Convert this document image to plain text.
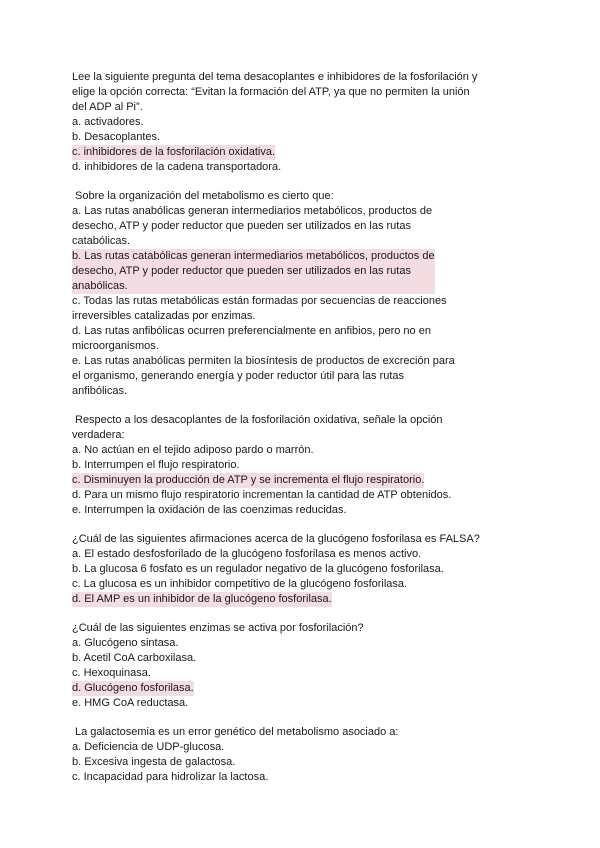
Lee la siguiente pregunta del tema desacoplantes e inhibidores de la fosforilación y

elige la opción correcta: “Evitan la formación del ATP, ya que no permiten la unión

del ADP al Pi”.

a. activadores.

b. Desacoplantes.

c. inhibidores de la fosforilación oxidativa.

d. inhibidores de la cadena transportadora.

Sobre la organización del metabolismo es cierto que:

a. Las rutas anabólicas generan intermediarios metabólicos, productos de

desecho, ATP y poder reductor que pueden ser utilizados en las rutas

catabólicas.

b. Las rutas catabólicas generan intermediarios metabólicos, productos de

desecho, ATP y poder reductor que pueden ser utilizados en las rutas

anabólicas.

c. Todas las rutas metabólicas están formadas por secuencias de reacciones

irreversibles catalizadas por enzimas.

d. Las rutas anfibólicas ocurren preferencialmente en anfibios, pero no en

microorganismos.

e. Las rutas anabólicas permiten la biosíntesis de productos de excreción para

el organismo, generando energía y poder reductor útil para las rutas

anfibólicas.

Respecto a los desacoplantes de la fosforilación oxidativa, señale la opción

verdadera:

a. No actúan en el tejido adiposo pardo o marrón.

b. Interrumpen el flujo respiratorio.

c. Disminuyen la producción de ATP y se incrementa el flujo respiratorio.

d. Para un mismo flujo respiratorio incrementan la cantidad de ATP obtenidos.

e. Interrumpen la oxidación de las coenzimas reducidas.

¿Cuál de las siguientes afirmaciones acerca de la glucógeno fosforilasa es FALSA?

a. El estado desfosforilado de la glucógeno fosforilasa es menos activo.

b. La glucosa 6 fosfato es un regulador negativo de la glucógeno fosforilasa.

c. La glucosa es un inhibidor competitivo de la glucógeno fosforilasa.

d. El AMP es un inhibidor de la glucógeno fosforilasa.

¿Cuál de las siguientes enzimas se activa por fosforilación?

a. Glucógeno sintasa.

b. Acetil CoA carboxilasa.

c. Hexoquinasa.

d. Glucógeno fosforilasa.

e. HMG CoA reductasa.

La galactosemia es un error genético del metabolismo asociado a:

a. Deficiencia de UDP-glucosa.

b. Excesiva ingesta de galactosa.

c. Incapacidad para hidrolizar la lactosa.
